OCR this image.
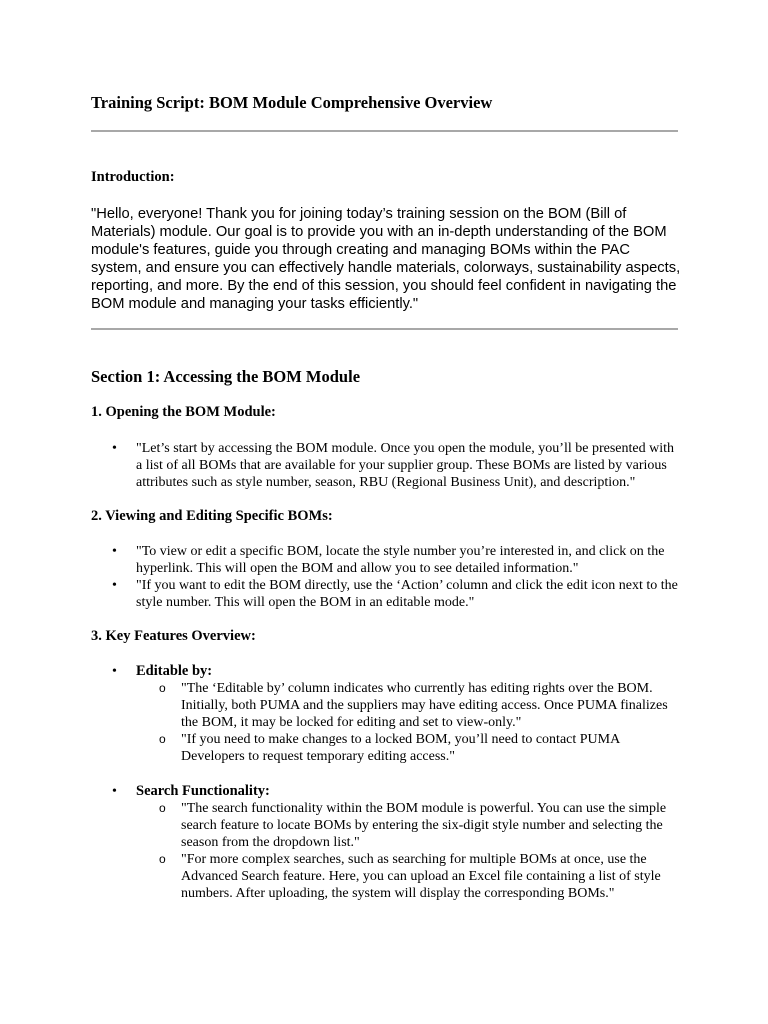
Training Script: BOM Module Comprehensive Overview
Introduction:

"Hello, everyone! Thank you for joining today’s training session on the BOM (Bill of Materials) module. Our goal is to provide you with an in-depth understanding of the BOM module's features, guide you through creating and managing BOMs within the PAC system, and ensure you can effectively handle materials, colorways, sustainability aspects, reporting, and more. By the end of this session, you should feel confident in navigating the BOM module and managing your tasks efficiently."

Section 1: Accessing the BOM Module
1. Opening the BOM Module:
• "Let’s start by accessing the BOM module. Once you open the module, you’ll be presented with a list of all BOMs that are available for your supplier group. These BOMs are listed by various attributes such as style number, season, RBU (Regional Business Unit), and description."
2. Viewing and Editing Specific BOMs:
• "To view or edit a specific BOM, locate the style number you’re interested in, and click on the hyperlink. This will open the BOM and allow you to see detailed information."
• "If you want to edit the BOM directly, use the ‘Action’ column and click the edit icon next to the style number. This will open the BOM in an editable mode."
3. Key Features Overview:
• Editable by:
o "The ‘Editable by’ column indicates who currently has editing rights over the BOM. Initially, both PUMA and the suppliers may have editing access. Once PUMA finalizes the BOM, it may be locked for editing and set to view-only."
o "If you need to make changes to a locked BOM, you’ll need to contact PUMA Developers to request temporary editing access."
• Search Functionality:
o "The search functionality within the BOM module is powerful. You can use the simple search feature to locate BOMs by entering the six-digit style number and selecting the season from the dropdown list."
o "For more complex searches, such as searching for multiple BOMs at once, use the Advanced Search feature. Here, you can upload an Excel file containing a list of style numbers. After uploading, the system will display the corresponding BOMs."
